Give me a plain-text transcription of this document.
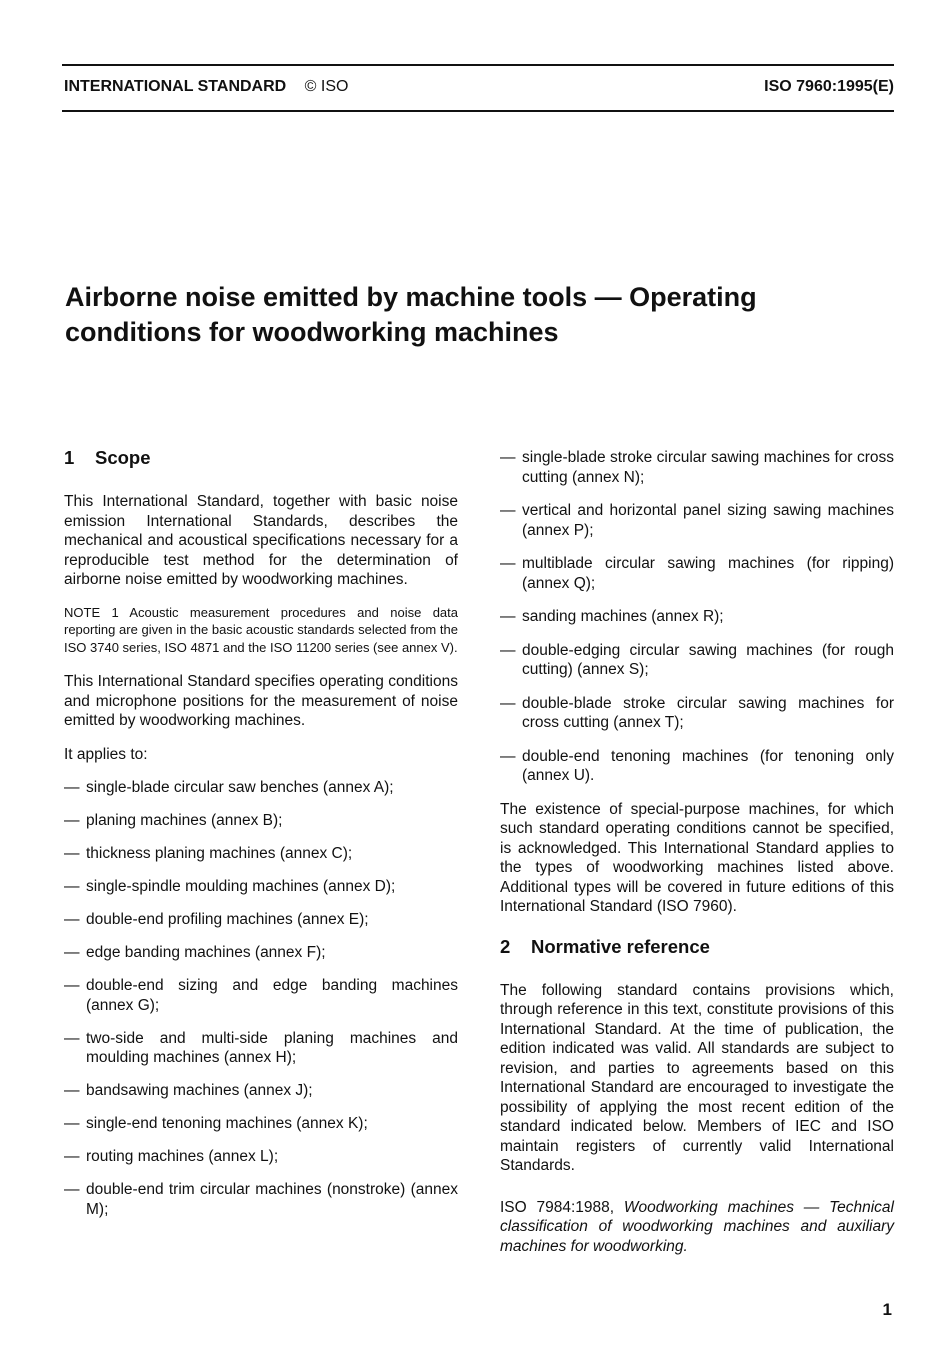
INTERNATIONAL STANDARD © ISO	ISO 7960:1995(E)
Airborne noise emitted by machine tools — Operating conditions for woodworking machines
1 Scope

This International Standard, together with basic noise emission International Standards, describes the mechanical and acoustical specifications necessary for a reproducible test method for the determination of airborne noise emitted by woodworking machines.

NOTE 1 Acoustic measurement procedures and noise data reporting are given in the basic acoustic standards selected from the ISO 3740 series, ISO 4871 and the ISO 11200 series (see annex V).

This International Standard specifies operating conditions and microphone positions for the measurement of noise emitted by woodworking machines.

It applies to:

— single-blade circular saw benches (annex A);
— planing machines (annex B);
— thickness planing machines (annex C);
— single-spindle moulding machines (annex D);
— double-end profiling machines (annex E);
— edge banding machines (annex F);
— double-end sizing and edge banding machines (annex G);
— two-side and multi-side planing machines and moulding machines (annex H);
— bandsawing machines (annex J);
— single-end tenoning machines (annex K);
— routing machines (annex L);
— double-end trim circular machines (nonstroke) (annex M);
— single-blade stroke circular sawing machines for cross cutting (annex N);
— vertical and horizontal panel sizing sawing machines (annex P);
— multiblade circular sawing machines (for ripping) (annex Q);
— sanding machines (annex R);
— double-edging circular sawing machines (for rough cutting) (annex S);
— double-blade stroke circular sawing machines for cross cutting (annex T);
— double-end tenoning machines (for tenoning only (annex U).

The existence of special-purpose machines, for which such standard operating conditions cannot be specified, is acknowledged. This International Standard applies to the types of woodworking machines listed above. Additional types will be covered in future editions of this International Standard (ISO 7960).

2 Normative reference

The following standard contains provisions which, through reference in this text, constitute provisions of this International Standard. At the time of publication, the edition indicated was valid. All standards are subject to revision, and parties to agreements based on this International Standard are encouraged to investigate the possibility of applying the most recent edition of the standard indicated below. Members of IEC and ISO maintain registers of currently valid International Standards.

ISO 7984:1988, Woodworking machines — Technical classification of woodworking machines and auxiliary machines for woodworking.

1
